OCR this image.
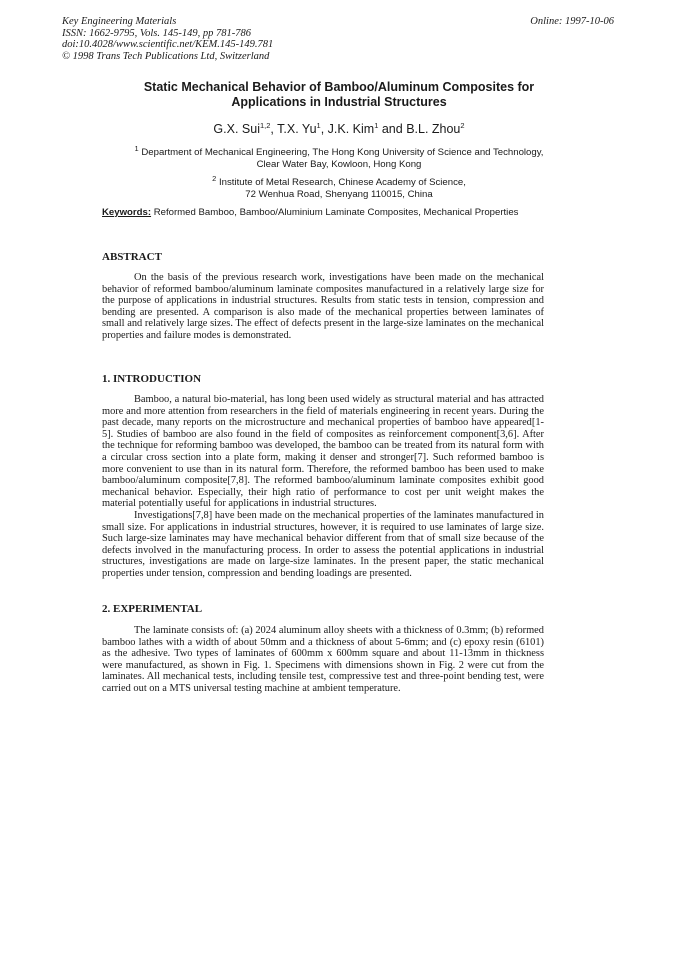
Key Engineering Materials
ISSN: 1662-9795, Vols. 145-149, pp 781-786
doi:10.4028/www.scientific.net/KEM.145-149.781
© 1998 Trans Tech Publications Ltd, Switzerland
Online: 1997-10-06
Static Mechanical Behavior of Bamboo/Aluminum Composites for
Applications in Industrial Structures
G.X. Sui$^{1,2}$, T.X. Yu$^1$, J.K. Kim$^1$ and B.L. Zhou$^2$
$^1$ Department of Mechanical Engineering, The Hong Kong University of Science and Technology,
Clear Water Bay, Kowloon, Hong Kong
$^2$ Institute of Metal Research, Chinese Academy of Science,
72 Wenhua Road, Shenyang 110015, China
Keywords: Reformed Bamboo, Bamboo/Aluminium Laminate Composites, Mechanical Properties
ABSTRACT

On the basis of the previous research work, investigations have been made on the mechanical behavior of reformed bamboo/aluminum laminate composites manufactured in a relatively large size for the purpose of applications in industrial structures. Results from static tests in tension, compression and bending are presented. A comparison is also made of the mechanical properties between laminates of small and relatively large sizes. The effect of defects present in the large-size laminates on the mechanical properties and failure modes is demonstrated.

1. INTRODUCTION

Bamboo, a natural bio-material, has long been used widely as structural material and has attracted more and more attention from researchers in the field of materials engineering in recent years. During the past decade, many reports on the microstructure and mechanical properties of bamboo have appeared[1-5]. Studies of bamboo are also found in the field of composites as reinforcement component[3,6]. After the technique for reforming bamboo was developed, the bamboo can be treated from its natural form with a circular cross section into a plate form, making it denser and stronger[7]. Such reformed bamboo is more convenient to use than in its natural form. Therefore, the reformed bamboo has been used to make bamboo/aluminum composite[7,8]. The reformed bamboo/aluminum laminate composites exhibit good mechanical behavior. Especially, their high ratio of performance to cost per unit weight makes the material potentially useful for applications in industrial structures.

Investigations[7,8] have been made on the mechanical properties of the laminates manufactured in small size. For applications in industrial structures, however, it is required to use laminates of large size. Such large-size laminates may have mechanical behavior different from that of small size because of the defects involved in the manufacturing process. In order to assess the potential applications in industrial structures, investigations are made on large-size laminates. In the present paper, the static mechanical properties under tension, compression and bending loadings are presented.

2. EXPERIMENTAL

The laminate consists of: (a) 2024 aluminum alloy sheets with a thickness of 0.3mm; (b) reformed bamboo lathes with a width of about 50mm and a thickness of about 5-6mm; and (c) epoxy resin (6101) as the adhesive. Two types of laminates of 600mm x 600mm square and about 11-13mm in thickness were manufactured, as shown in Fig. 1. Specimens with dimensions shown in Fig. 2 were cut from the laminates. All mechanical tests, including tensile test, compressive test and three-point bending test, were carried out on a MTS universal testing machine at ambient temperature.
